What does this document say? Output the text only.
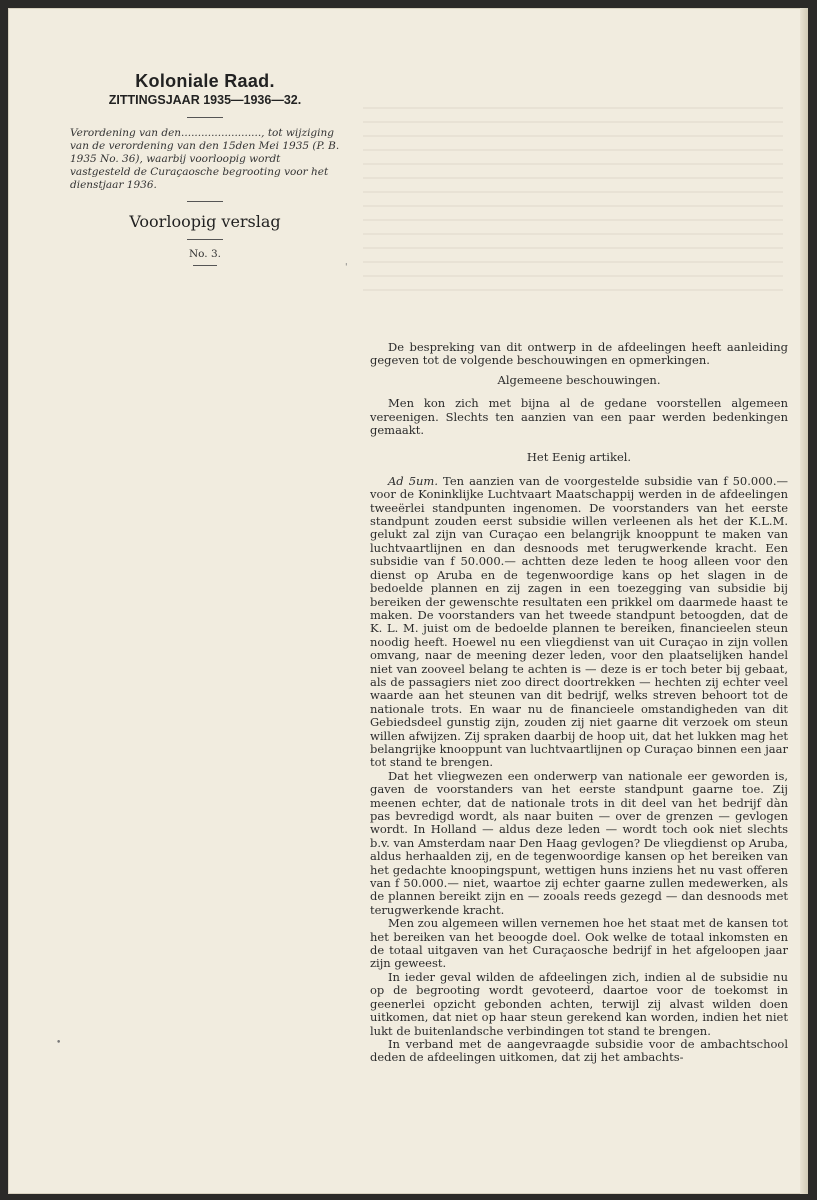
Koloniale Raad.

ZITTINGSJAAR 1935—1936—32.

Verordening van den........................, tot wijziging van de verordening van den 15den Mei 1935 (P. B. 1935 No. 36), waarbij voorloopig wordt vastgesteld de Curaçaosche begrooting voor het dienstjaar 1936.

Voorloopig verslag

No. 3.

'
•

De bespreking van dit ontwerp in de afdeelingen heeft aanleiding gegeven tot de volgende beschouwingen en opmerkingen.

Algemeene beschouwingen.

Men kon zich met bijna al de gedane voorstellen algemeen vereenigen. Slechts ten aanzien van een paar werden bedenkingen gemaakt.

Het Eenig artikel.

Ad 5um. Ten aanzien van de voorgestelde subsidie van f 50.000.— voor de Koninklijke Luchtvaart Maatschappij werden in de afdeelingen tweeërlei standpunten ingenomen. De voorstanders van het eerste standpunt zouden eerst subsidie willen verleenen als het der K.L.M. gelukt zal zijn van Curaçao een belangrijk knooppunt te maken van luchtvaartlijnen en dan desnoods met terugwerkende kracht. Een subsidie van f 50.000.— achtten deze leden te hoog alleen voor den dienst op Aruba en de tegenwoordige kans op het slagen in de bedoelde plannen en zij zagen in een toezegging van subsidie bij bereiken der gewenschte resultaten een prikkel om daarmede haast te maken. De voorstanders van het tweede standpunt betoogden, dat de K. L. M. juist om de bedoelde plannen te bereiken, financieelen steun noodig heeft. Hoewel nu een vliegdienst van uit Curaçao in zijn vollen omvang, naar de meening dezer leden, voor den plaatselijken handel niet van zooveel belang te achten is — deze is er toch beter bij gebaat, als de passagiers niet zoo direct doortrekken — hechten zij echter veel waarde aan het steunen van dit bedrijf, welks streven behoort tot de nationale trots. En waar nu de financieele omstandigheden van dit Gebiedsdeel gunstig zijn, zouden zij niet gaarne dit verzoek om steun willen afwijzen. Zij spraken daarbij de hoop uit, dat het lukken mag het belangrijke knooppunt van luchtvaartlijnen op Curaçao binnen een jaar tot stand te brengen.

Dat het vliegwezen een onderwerp van nationale eer geworden is, gaven de voorstanders van het eerste standpunt gaarne toe. Zij meenen echter, dat de nationale trots in dit deel van het bedrijf dàn pas bevredigd wordt, als naar buiten — over de grenzen — gevlogen wordt. In Holland — aldus deze leden — wordt toch ook niet slechts b.v. van Amsterdam naar Den Haag gevlogen? De vliegdienst op Aruba, aldus herhaalden zij, en de tegenwoordige kansen op het bereiken van het gedachte knoopingspunt, wettigen huns inziens het nu vast offeren van f 50.000.— niet, waartoe zij echter gaarne zullen medewerken, als de plannen bereikt zijn en — zooals reeds gezegd — dan desnoods met terugwerkende kracht.

Men zou algemeen willen vernemen hoe het staat met de kansen tot het bereiken van het beoogde doel. Ook welke de totaal inkomsten en de totaal uitgaven van het Curaçaosche bedrijf in het afgeloopen jaar zijn geweest.

In ieder geval wilden de afdeelingen zich, indien al de subsidie nu op de begrooting wordt gevoteerd, daartoe voor de toekomst in geenerlei opzicht gebonden achten, terwijl zij alvast wilden doen uitkomen, dat niet op haar steun gerekend kan worden, indien het niet lukt de buitenlandsche verbindingen tot stand te brengen.

In verband met de aangevraagde subsidie voor de ambachtschool deden de afdeelingen uitkomen, dat zij het ambachts-
